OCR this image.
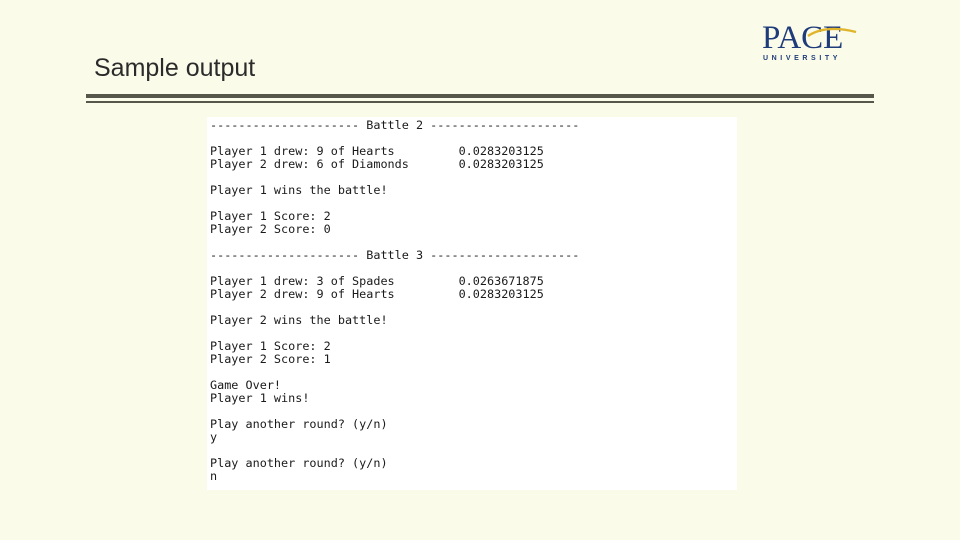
Sample output
PACE
UNIVERSITY
--------------------- Battle 2 ---------------------
Player 1 drew: 9 of Hearts         0.0283203125
Player 2 drew: 6 of Diamonds       0.0283203125
Player 1 wins the battle!
Player 1 Score: 2
Player 2 Score: 0
--------------------- Battle 3 ---------------------
Player 1 drew: 3 of Spades         0.0263671875
Player 2 drew: 9 of Hearts         0.0283203125
Player 2 wins the battle!
Player 1 Score: 2
Player 2 Score: 1
Game Over!
Player 1 wins!
Play another round? (y/n)
y
Play another round? (y/n)
n
